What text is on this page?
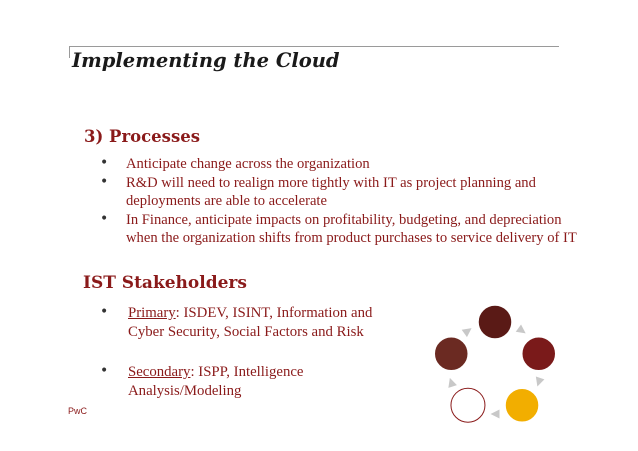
Implementing the Cloud
3) Processes
• Anticipate change across the organization
• R&D will need to realign more tightly with IT as project planning and deployments are able to accelerate
• In Finance, anticipate impacts on profitability, budgeting, and depreciation when the organization shifts from product purchases to service delivery of IT
IST Stakeholders
• Primary: ISDEV, ISINT, Information and Cyber Security, Social Factors and Risk
• Secondary: ISPP, Intelligence Analysis/Modeling
PwC
